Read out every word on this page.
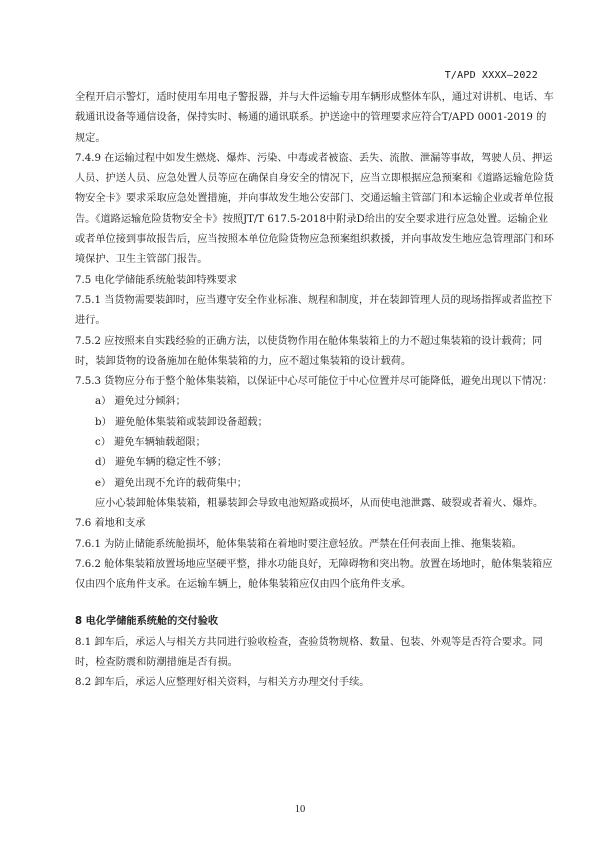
T/APD XXXX—2022

全程开启示警灯，适时使用车用电子警报器，并与大件运输专用车辆形成整体车队，通过对讲机、电话、车载通讯设备等通信设备，保持实时、畅通的通讯联系。护送途中的管理要求应符合T/APD 0001-2019 的规定。

7.4.9 在运输过程中如发生燃烧、爆炸、污染、中毒或者被盗、丢失、流散、泄漏等事故，驾驶人员、押运人员、护送人员、应急处置人员等应在确保自身安全的情况下，应当立即根据应急预案和《道路运输危险货物安全卡》要求采取应急处置措施，并向事故发生地公安部门、交通运输主管部门和本运输企业或者单位报告。《道路运输危险货物安全卡》按照JT/T 617.5-2018中附录D给出的安全要求进行应急处置。运输企业或者单位接到事故报告后，应当按照本单位危险货物应急预案组织救援，并向事故发生地应急管理部门和环境保护、卫生主管部门报告。

7.5 电化学储能系统舱装卸特殊要求

7.5.1 当货物需要装卸时，应当遵守安全作业标准、规程和制度，并在装卸管理人员的现场指挥或者监控下进行。

7.5.2 应按照来自实践经验的正确方法，以使货物作用在舱体集装箱上的力不超过集装箱的设计载荷；同时，装卸货物的设备施加在舱体集装箱的力，应不超过集装箱的设计载荷。

7.5.3 货物应分布于整个舱体集装箱，以保证中心尽可能位于中心位置并尽可能降低，避免出现以下情况：

a） 避免过分倾斜；

b） 避免舱体集装箱或装卸设备超载；

c） 避免车辆轴载超限；

d） 避免车辆的稳定性不够；

e） 避免出现不允许的载荷集中；

应小心装卸舱体集装箱，粗暴装卸会导致电池短路或损坏，从而使电池泄露、破裂或者着火、爆炸。

7.6 着地和支承

7.6.1 为防止储能系统舱损坏，舱体集装箱在着地时要注意轻放。严禁在任何表面上推、拖集装箱。

7.6.2 舱体集装箱放置场地应坚硬平整，排水功能良好，无障碍物和突出物。放置在场地时，舱体集装箱应仅由四个底角件支承。在运输车辆上，舱体集装箱应仅由四个底角件支承。

8 电化学储能系统舱的交付验收

8.1 卸车后，承运人与相关方共同进行验收检查，查验货物规格、数量、包装、外观等是否符合要求。同时，检查防震和防潮措施是否有损。

8.2 卸车后，承运人应整理好相关资料，与相关方办理交付手续。

10
